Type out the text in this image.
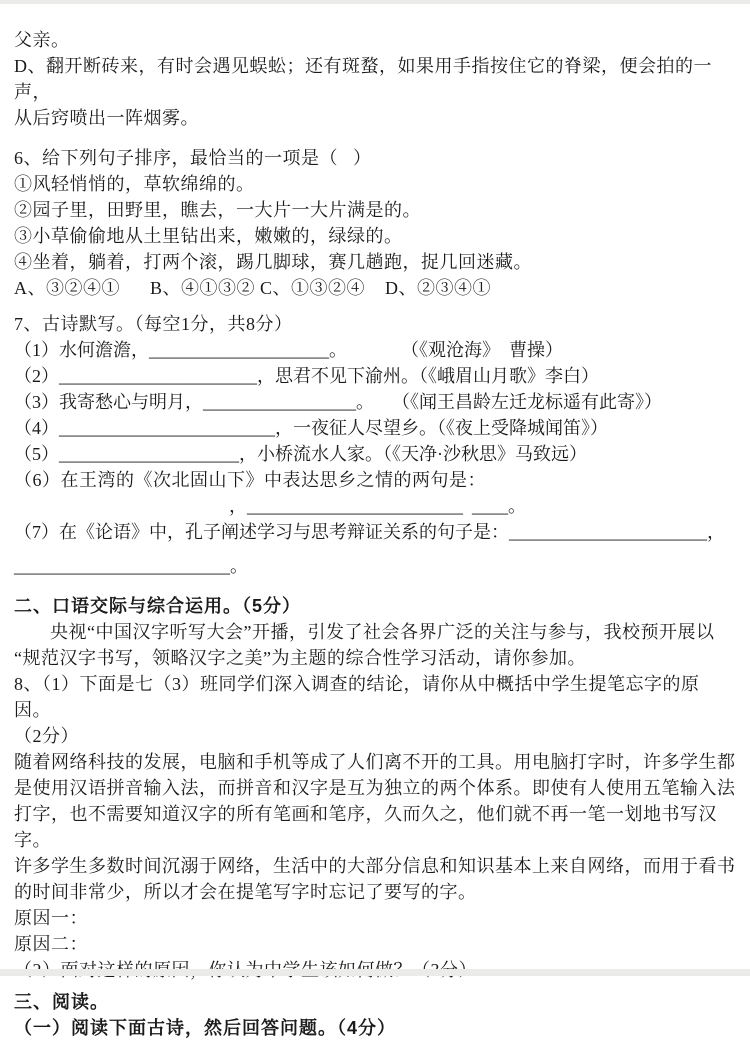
父亲。
D、翻开断砖来，有时会遇见蜈蚣；还有斑蝥，如果用手指按住它的脊梁，便会拍的一声，
从后窍喷出一阵烟雾。
6、给下列句子排序，最恰当的一项是（   ）
①风轻悄悄的，草软绵绵的。
②园子里，田野里，瞧去，一大片一大片满是的。
③小草偷偷地从土里钻出来，嫩嫩的，绿绿的。
④坐着，躺着，打两个滚，踢几脚球，赛几趟跑，捉几回迷藏。
A、③②④①      B、④①③② C、①③②④    D、②③④①
7、古诗默写。（每空1分，共8分）
（1）水何澹澹，____________________。            （《观沧海》  曹操）
（2）______________________，思君不见下渝州。（《峨眉山月歌》李白）
（3）我寄愁心与明月，_________________。    （《闻王昌龄左迁龙标遥有此寄》）
（4）________________________，一夜征人尽望乡。（《夜上受降城闻笛》）
（5）____________________，小桥流水人家。（《天净·沙秋思》马致远）
（6）在王湾的《次北固山下》中表达思乡之情的两句是：
，________________________  ____。
（7）在《论语》中，孔子阐述学习与思考辩证关系的句子是：______________________，
________________________。
二、口语交际与综合运用。（5分）
央视“中国汉字听写大会”开播，引发了社会各界广泛的关注与参与，我校预开展以
“规范汉字书写，领略汉字之美”为主题的综合性学习活动，请你参加。
8、（1）下面是七（3）班同学们深入调查的结论，请你从中概括中学生提笔忘字的原因。
（2分）
随着网络科技的发展，电脑和手机等成了人们离不开的工具。用电脑打字时，许多学生都
是使用汉语拼音输入法，而拼音和汉字是互为独立的两个体系。即使有人使用五笔输入法
打字，也不需要知道汉字的所有笔画和笔序，久而久之，他们就不再一笔一划地书写汉字。
许多学生多数时间沉溺于网络，生活中的大部分信息和知识基本上来自网络，而用于看书
的时间非常少，所以才会在提笔写字时忘记了要写的字。
原因一：
原因二：
三、阅读。
（一）阅读下面古诗，然后回答问题。（4分）
